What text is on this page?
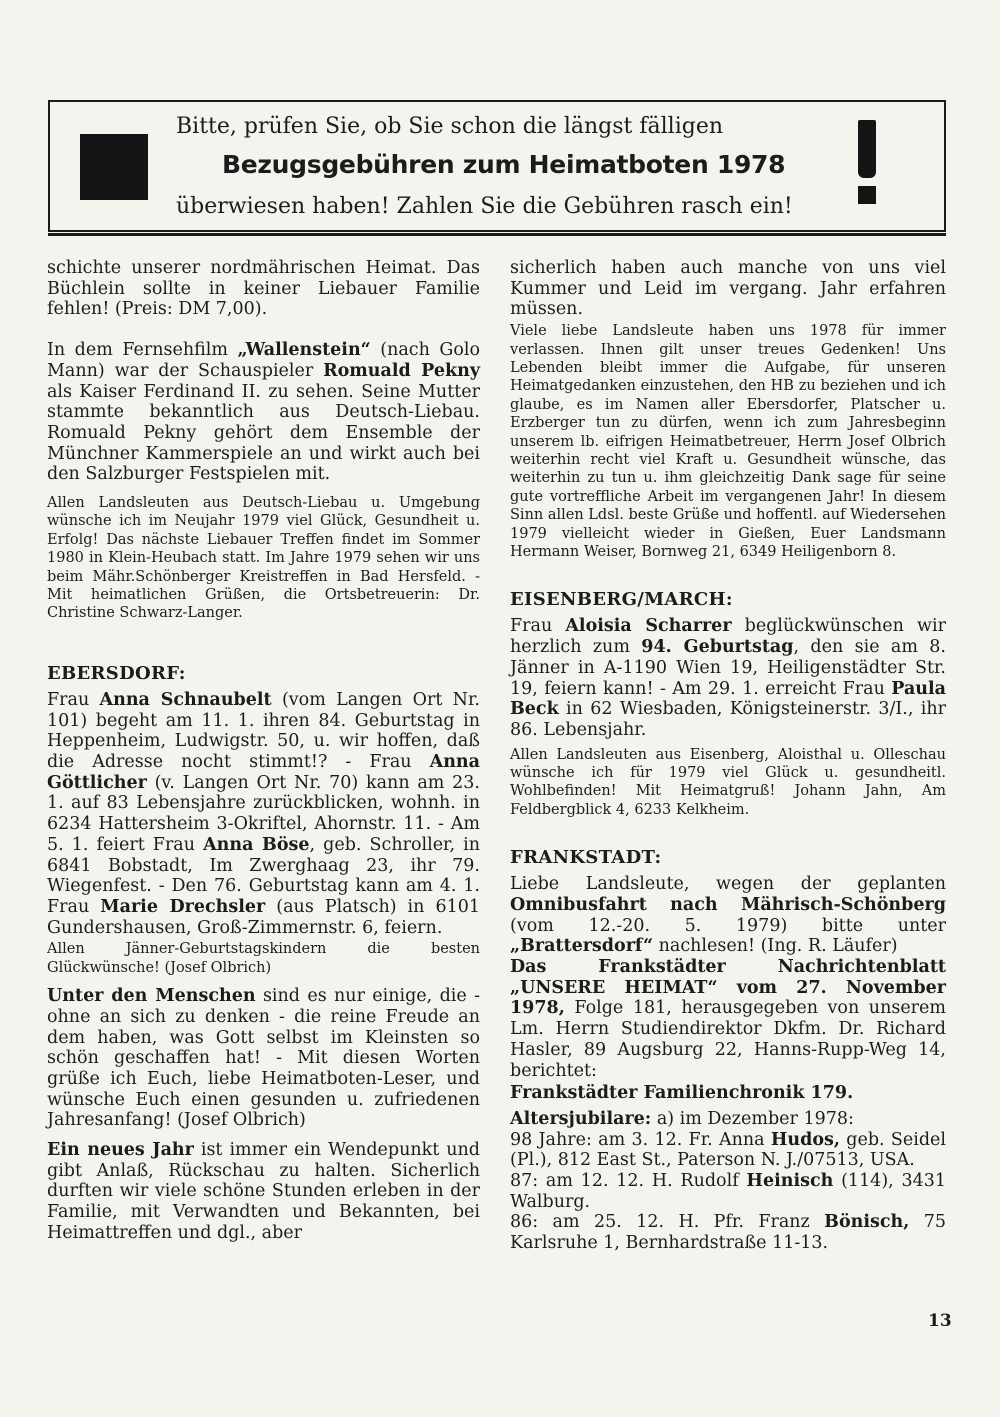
Bitte, prüfen Sie, ob Sie schon die längst fälligen
Bezugsgebühren zum Heimatboten 1978
überwiesen haben! Zahlen Sie die Gebühren rasch ein!

schichte unserer nordmährischen Heimat. Das Büchlein sollte in keiner Liebauer Familie fehlen! (Preis: DM 7,00).

In dem Fernsehfilm „Wallenstein“ (nach Golo Mann) war der Schauspieler Romuald Pekny als Kaiser Ferdinand II. zu sehen. Seine Mutter stammte bekanntlich aus Deutsch-Liebau. Romuald Pekny gehört dem Ensemble der Münchner Kammerspiele an und wirkt auch bei den Salzburger Festspielen mit.

Allen Landsleuten aus Deutsch-Liebau u. Umgebung wünsche ich im Neujahr 1979 viel Glück, Gesundheit u. Erfolg! Das nächste Liebauer Treffen findet im Sommer 1980 in Klein-Heubach statt. Im Jahre 1979 sehen wir uns beim Mähr.Schönberger Kreistreffen in Bad Hersfeld. - Mit heimatlichen Grüßen, die Ortsbetreuerin: Dr. Christine Schwarz-Langer.

EBERSDORF:

Frau Anna Schnaubelt (vom Langen Ort Nr. 101) begeht am 11. 1. ihren 84. Geburtstag in Heppenheim, Ludwigstr. 50, u. wir hoffen, daß die Adresse nocht stimmt!? - Frau Anna Göttlicher (v. Langen Ort Nr. 70) kann am 23. 1. auf 83 Lebensjahre zurückblicken, wohnh. in 6234 Hattersheim 3-Okriftel, Ahornstr. 11. - Am 5. 1. feiert Frau Anna Böse, geb. Schroller, in 6841 Bobstadt, Im Zwerghaag 23, ihr 79. Wiegenfest. - Den 76. Geburtstag kann am 4. 1. Frau Marie Drechsler (aus Platsch) in 6101 Gundershausen, Groß-Zimmernstr. 6, feiern.

Allen Jänner-Geburtstagskindern die besten Glückwünsche! (Josef Olbrich)

Unter den Menschen sind es nur einige, die - ohne an sich zu denken - die reine Freude an dem haben, was Gott selbst im Kleinsten so schön geschaffen hat! - Mit diesen Worten grüße ich Euch, liebe Heimatboten-Leser, und wünsche Euch einen gesunden u. zufriedenen Jahresanfang! (Josef Olbrich)

Ein neues Jahr ist immer ein Wendepunkt und gibt Anlaß, Rückschau zu halten. Sicherlich durften wir viele schöne Stunden erleben in der Familie, mit Verwandten und Bekannten, bei Heimattreffen und dgl., aber

sicherlich haben auch manche von uns viel Kummer und Leid im vergang. Jahr erfahren müssen.

Viele liebe Landsleute haben uns 1978 für immer verlassen. Ihnen gilt unser treues Gedenken! Uns Lebenden bleibt immer die Aufgabe, für unseren Heimatgedanken einzustehen, den HB zu beziehen und ich glaube, es im Namen aller Ebersdorfer, Platscher u. Erzberger tun zu dürfen, wenn ich zum Jahresbeginn unserem lb. eifrigen Heimatbetreuer, Herrn Josef Olbrich weiterhin recht viel Kraft u. Gesundheit wünsche, das weiterhin zu tun u. ihm gleichzeitig Dank sage für seine gute vortreffliche Arbeit im vergangenen Jahr! In diesem Sinn allen Ldsl. beste Grüße und hoffentl. auf Wiedersehen 1979 vielleicht wieder in Gießen, Euer Landsmann Hermann Weiser, Bornweg 21, 6349 Heiligenborn 8.

EISENBERG/MARCH:

Frau Aloisia Scharrer beglückwünschen wir herzlich zum 94. Geburtstag, den sie am 8. Jänner in A-1190 Wien 19, Heiligenstädter Str. 19, feiern kann! - Am 29. 1. erreicht Frau Paula Beck in 62 Wiesbaden, Königsteinerstr. 3/I., ihr 86. Lebensjahr.

Allen Landsleuten aus Eisenberg, Aloisthal u. Olleschau wünsche ich für 1979 viel Glück u. gesundheitl. Wohlbefinden! Mit Heimatgruß! Johann Jahn, Am Feldbergblick 4, 6233 Kelkheim.

FRANKSTADT:

Liebe Landsleute, wegen der geplanten Omnibusfahrt nach Mährisch-Schönberg (vom 12.-20. 5. 1979) bitte unter „Brattersdorf“ nachlesen! (Ing. R. Läufer)

Das Frankstädter Nachrichtenblatt „UNSERE HEIMAT“ vom 27. November 1978, Folge 181, herausgegeben von unserem Lm. Herrn Studiendirektor Dkfm. Dr. Richard Hasler, 89 Augsburg 22, Hanns-Rupp-Weg 14, berichtet:

Frankstädter Familienchronik 179.

Altersjubilare: a) im Dezember 1978:

98 Jahre: am 3. 12. Fr. Anna Hudos, geb. Seidel (Pl.), 812 East St., Paterson N. J./07513, USA.

87: am 12. 12. H. Rudolf Heinisch (114), 3431 Walburg.

86: am 25. 12. H. Pfr. Franz Bönisch, 75 Karlsruhe 1, Bernhardstraße 11-13.

13
